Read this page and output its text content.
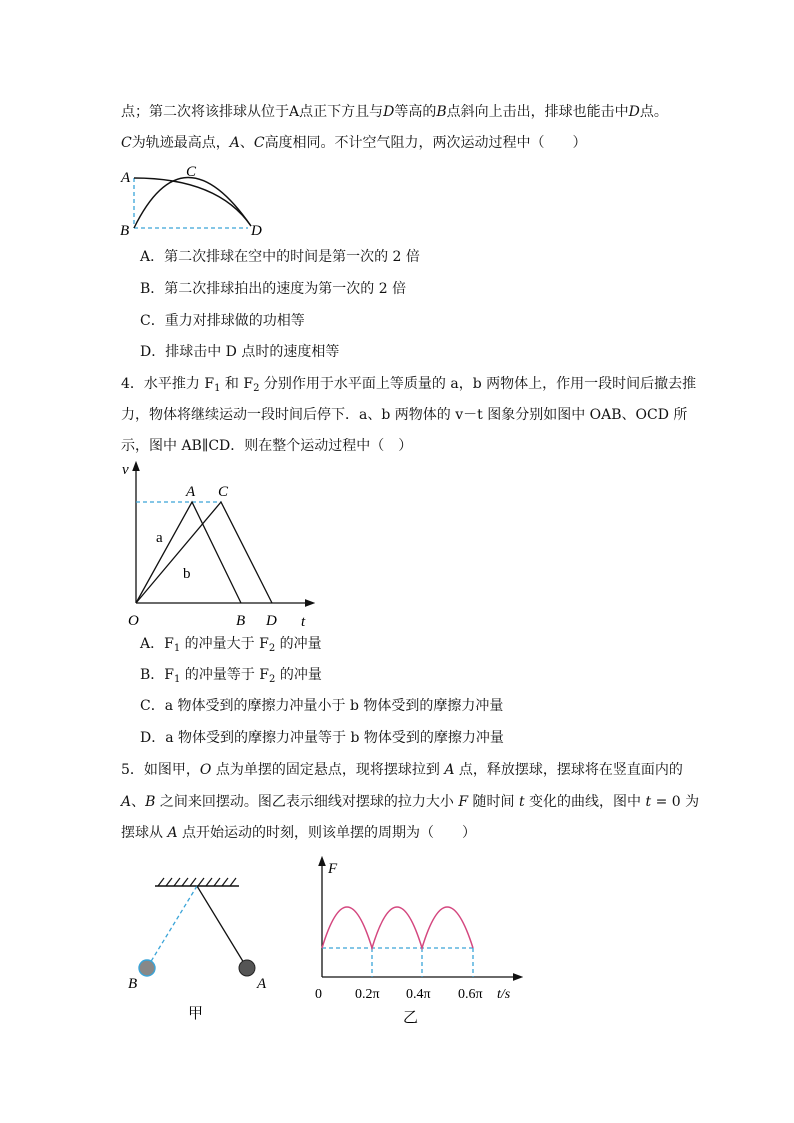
点；第二次将该排球从位于A点正下方且与D等高的B点斜向上击出，排球也能击中D点。
C为轨迹最高点，A、C高度相同。不计空气阻力，两次运动过程中（　　）
A	C
B	D
A．第二次排球在空中的时间是第一次的 2 倍
B．第二次排球拍出的速度为第一次的 2 倍
C．重力对排球做的功相等
D．排球击中 D 点时的速度相等
4．水平推力 $F_1$ 和 $F_2$ 分别作用于水平面上等质量的 a，b 两物体上，作用一段时间后撤去推
力，物体将继续运动一段时间后停下．a、b 两物体的 v－t 图象分别如图中 OAB、OCD 所
示，图中 AB∥CD．则在整个运动过程中（　）
v
t
O
A C
B D
a
b
A．$F_1$ 的冲量大于 $F_2$ 的冲量
B．$F_1$ 的冲量等于 $F_2$ 的冲量
C．a 物体受到的摩擦力冲量小于 b 物体受到的摩擦力冲量
D．a 物体受到的摩擦力冲量等于 b 物体受到的摩擦力冲量
5．如图甲，O 点为单摆的固定悬点，现将摆球拉到 A 点，释放摆球，摆球将在竖直面内的
A、B 之间来回摆动。图乙表示细线对摆球的拉力大小 F 随时间 t 变化的曲线，图中 t = 0 为
摆球从 A 点开始运动的时刻，则该单摆的周期为（　　）
B	A
甲
F
0 0.2π 0.4π 0.6π t/s
乙
